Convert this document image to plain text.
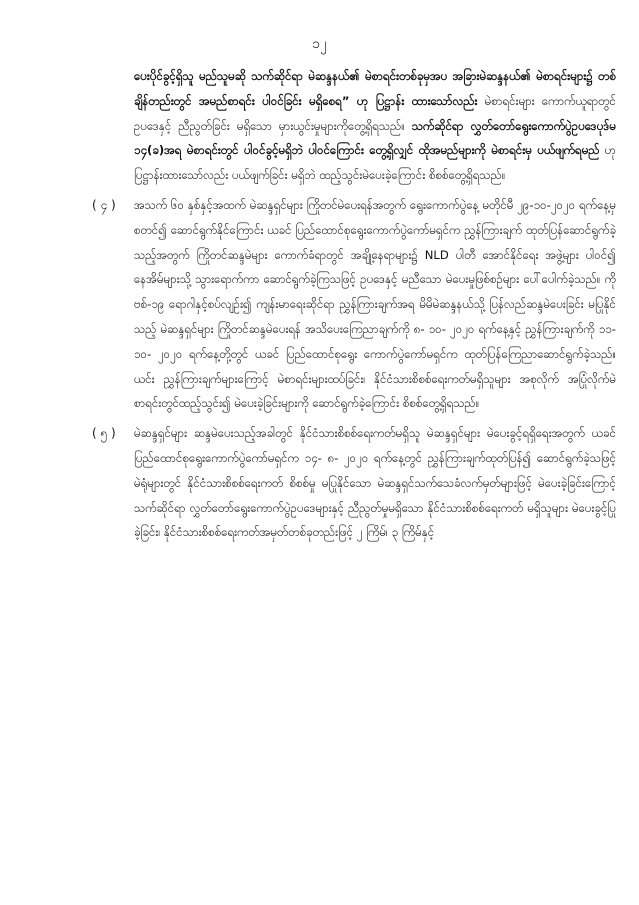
၁၂
ပေးပိုင်ခွင့်ရှိသူ မည်သူမဆို သက်ဆိုင်ရာ မဲဆန္ဒနယ်၏ မဲစာရင်းတစ်ခုမှအပ အခြားမဲဆန္ဒနယ်၏ မဲစာရင်းများ၌ တစ်ချိန်တည်းတွင် အမည်စာရင်း ပါဝင်ခြင်း မရှိစေရ” ဟု ပြဋ္ဌာန်း ထားသော်လည်း မဲစာရင်းများ ကောက်ယူရာတွင် ဥပဒေနှင့် ညီညွတ်ခြင်း မရှိသော မှားယွင်းမှုများကိုတွေ့ရှိရသည်။ သက်ဆိုင်ရာ လွှတ်တော်ရွေးကောက်ပွဲဥပဒေပုဒ်မ ၁၄(ခ)အရ မဲစာရင်းတွင် ပါဝင်ခွင့်မရှိဘဲ ပါဝင်ကြောင်း တွေ့ရှိလျှင် ထိုအမည်များကို မဲစာရင်းမှ ပယ်ဖျက်ရမည် ဟု ပြဋ္ဌာန်းထားသော်လည်း ပယ်ဖျက်ခြင်း မရှိဘဲ ထည့်သွင်းမဲပေးခဲ့ကြောင်း စိစစ်တွေ့ရှိရသည်။
( ၄ )	အသက် ၆၀ နှစ်နှင့်အထက် မဲဆန္ဒရှင်များ ကြိုတင်မဲပေးရန်အတွက် ရွေးကောက်ပွဲနေ့ မတိုင်မီ ၂၉-၁၀-၂၀၂၀ ရက်နေ့မှစတင်၍ ဆောင်ရွက်နိုင်ကြောင်း ယခင် ပြည်ထောင်စုရွေးကောက်ပွဲကော်မရှင်က ညွှန်ကြားချက် ထုတ်ပြန်ဆောင်ရွက်ခဲ့သည့်အတွက် ကြိုတင်ဆန္ဒမဲများ ကောက်ခံရာတွင် အချို့နေရာများ၌ NLD ပါတီ အောင်နိုင်ရေး အဖွဲ့များ ပါဝင်၍ နေအိမ်များသို့ သွားရောက်ကာ ဆောင်ရွက်ခဲ့ကြသဖြင့် ဥပဒေနှင့် မညီသော မဲပေးမှုဖြစ်စဉ်များ ပေါ်ပေါက်ခဲ့သည်။ ကိုဗစ်-၁၉ ရောဂါနှင့်စပ်လျဉ်း၍ ကျန်းမာရေးဆိုင်ရာ ညွှန်ကြားချက်အရ မိမိမဲဆန္ဒနယ်သို့ ပြန်လည်ဆန္ဒမဲပေးခြင်း မပြုနိုင်သည့် မဲဆန္ဒရှင်များ ကြိုတင်ဆန္ဒမဲပေးရန် အသိပေးကြေညာချက်ကို ၈- ၁၀- ၂၀၂၀ ရက်နေ့နှင့် ညွှန်ကြားချက်ကို ၁၁- ၁၀- ၂၀၂၀ ရက်နေ့တို့တွင် ယခင် ပြည်ထောင်စုရွေး ကောက်ပွဲကော်မရှင်က ထုတ်ပြန်ကြေညာဆောင်ရွက်ခဲ့သည်။ ယင်း ညွှန်ကြားချက်များကြောင့် မဲစာရင်းများထပ်ခြင်း၊ နိုင်ငံသားစိစစ်ရေးကတ်မရှိသူများ အစုလိုက် အပြုံလိုက်မဲစာရင်းတွင်ထည့်သွင်း၍ မဲပေးခဲ့ခြင်းများကို ဆောင်ရွက်ခဲ့ကြောင်း စိစစ်တွေ့ရှိရသည်။
( ၅ )	မဲဆန္ဒရှင်များ ဆန္ဒမဲပေးသည့်အခါတွင် နိုင်ငံသားစိစစ်ရေးကတ်မရှိသူ မဲဆန္ဒရှင်များ မဲပေးခွင့်ရရှိရေးအတွက် ယခင် ပြည်ထောင်စုရွေးကောက်ပွဲကော်မရှင်က ၁၄- ၈- ၂၀၂၀ ရက်နေ့တွင် ညွှန်ကြားချက်ထုတ်ပြန်၍ ဆောင်ရွက်ခဲ့သဖြင့် မဲရုံများတွင် နိုင်ငံသားစိစစ်ရေးကတ် စိစစ်မှု မပြုနိုင်သော မဲဆန္ဒရှင်သက်သေခံလက်မှတ်များဖြင့် မဲပေးခဲ့ခြင်းကြောင့် သက်ဆိုင်ရာ လွှတ်တော်ရွေးကောက်ပွဲဥပဒေများနှင့် ညီညွတ်မှုမရှိသော နိုင်ငံသားစိစစ်ရေးကတ် မရှိသူများ မဲပေးခွင့်ပြုခဲ့ခြင်း၊ နိုင်ငံသားစိစစ်ရေးကတ်အမှတ်တစ်ခုတည်းဖြင့် ၂ ကြိမ်၊ ၃ ကြိမ်နှင့်
